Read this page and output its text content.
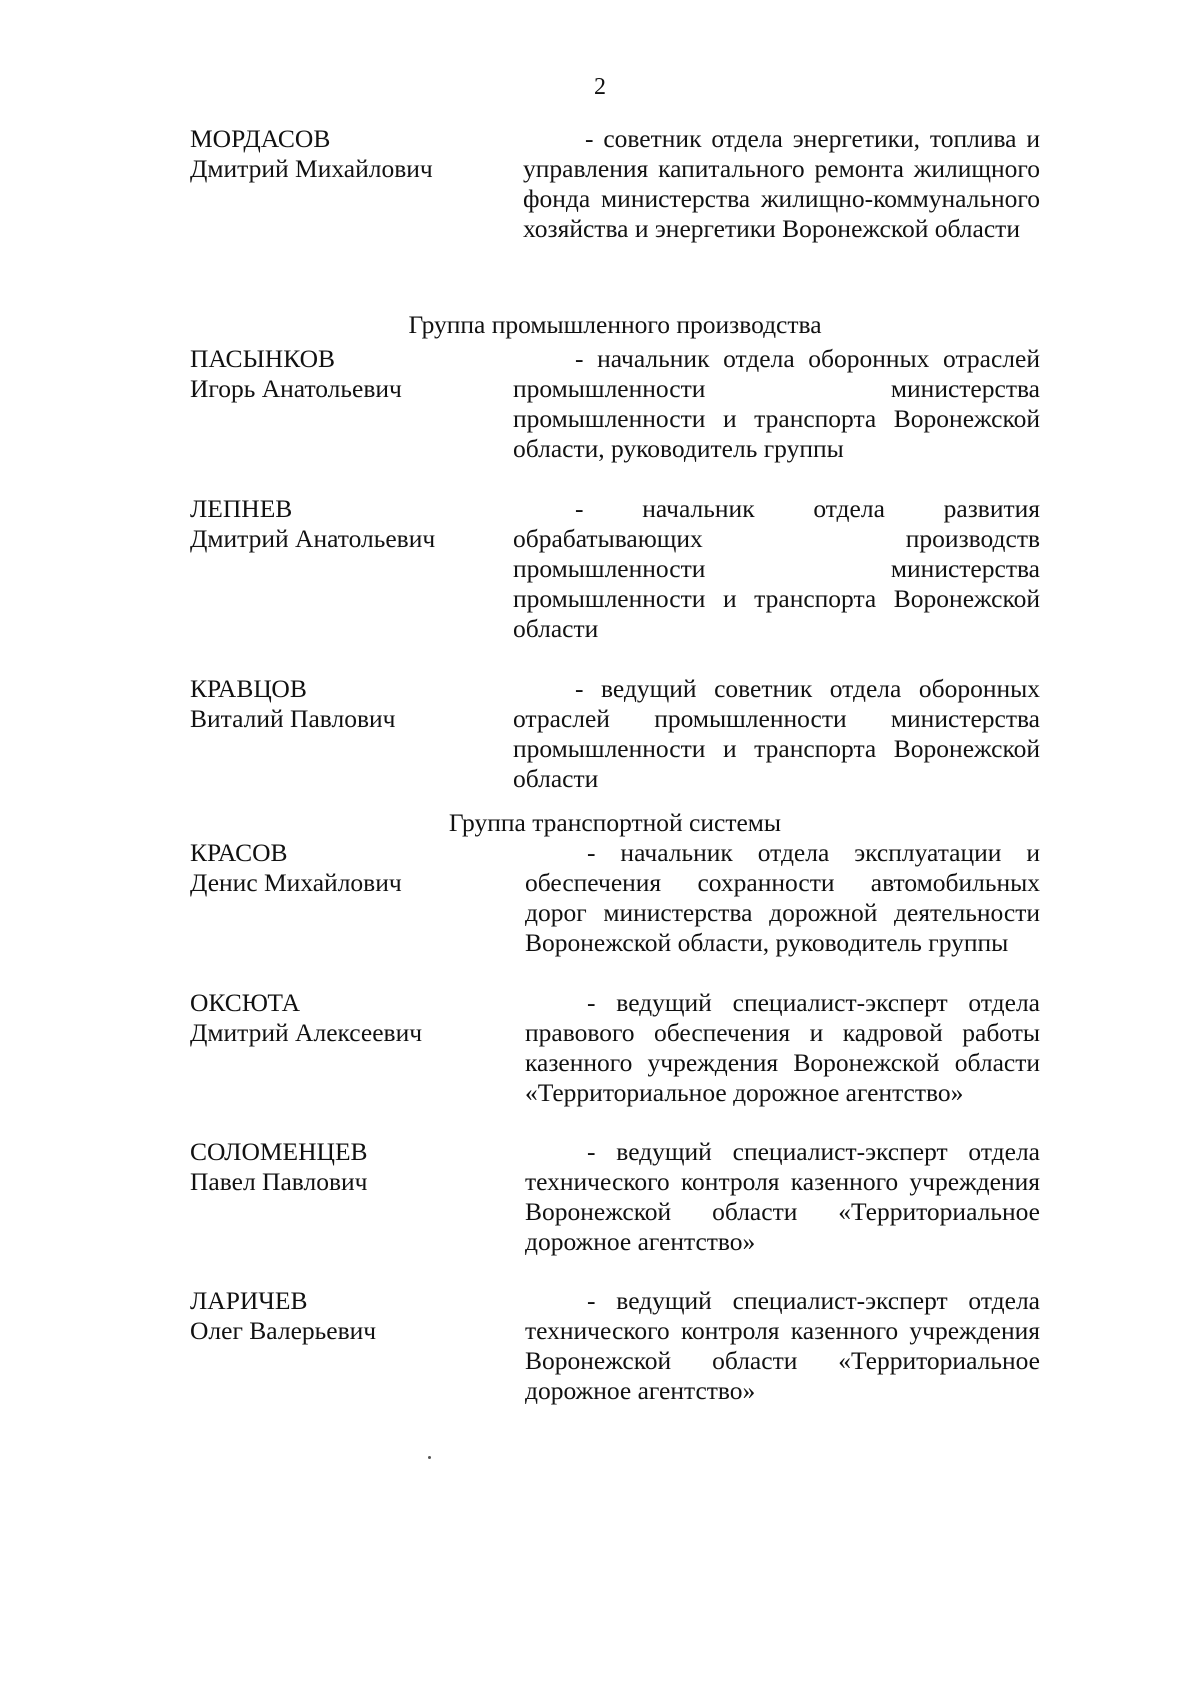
2
МОРДАСОВ
Дмитрий Михайлович
- советник отдела энергетики, топлива и управления капитального ремонта жилищного фонда министерства жилищно-коммунального хозяйства и энергетики Воронежской области
Группа промышленного производства
ПАСЫНКОВ
Игорь Анатольевич
- начальник отдела оборонных отраслей промышленности министерства промышленности и транспорта Воронежской области, руководитель группы
ЛЕПНЕВ
Дмитрий Анатольевич
- начальник отдела развития обрабатывающих производств промышленности министерства промышленности и транспорта Воронежской области
КРАВЦОВ
Виталий Павлович
- ведущий советник отдела оборонных отраслей промышленности министерства промышленности и транспорта Воронежской области
Группа транспортной системы
КРАСОВ
Денис Михайлович
- начальник отдела эксплуатации и обеспечения сохранности автомобильных дорог министерства дорожной деятельности Воронежской области, руководитель группы
ОКСЮТА
Дмитрий Алексеевич
- ведущий специалист-эксперт отдела правового обеспечения и кадровой работы казенного учреждения Воронежской области «Территориальное дорожное агентство»
СОЛОМЕНЦЕВ
Павел Павлович
- ведущий специалист-эксперт отдела технического контроля казенного учреждения Воронежской области «Территориальное дорожное агентство»
ЛАРИЧЕВ
Олег Валерьевич
- ведущий специалист-эксперт отдела технического контроля казенного учреждения Воронежской области «Территориальное дорожное агентство»
